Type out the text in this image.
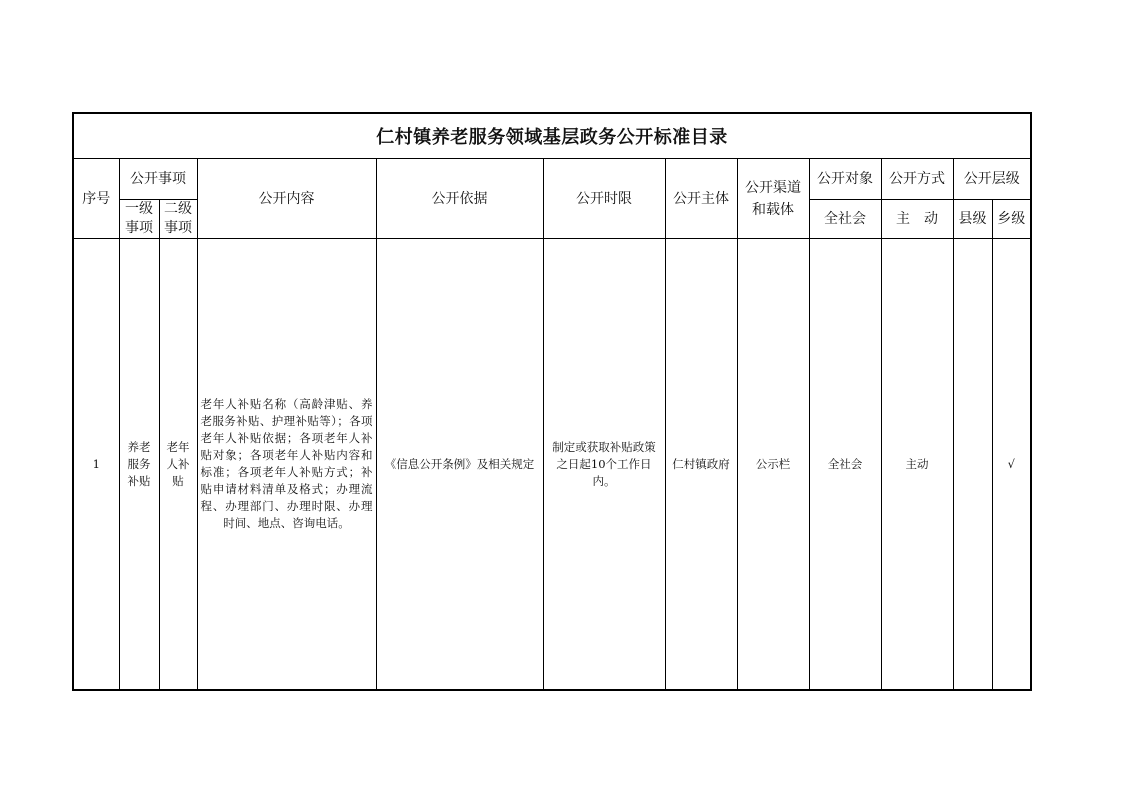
仁村镇养老服务领域基层政务公开标准目录											
序号	公开事项		公开内容	公开依据	公开时限	公开主体	公开渠道和载体	公开对象	公开方式	公开层级	
	一级事项	二级事项						全社会	主　动	县级	乡级
1	养老服务补贴	老年人补贴	老年人补贴名称（高龄津贴、养老服务补贴、护理补贴等）；各项老年人补贴依据；各项老年人补贴对象；各项老年人补贴内容和标准；各项老年人补贴方式；补贴申请材料清单及格式；办理流程、办理部门、办理时限、办理时间、地点、咨询电话。	《信息公开条例》及相关规定	制定或获取补贴政策之日起10个工作日内。	仁村镇政府	公示栏	全社会	主动		√
